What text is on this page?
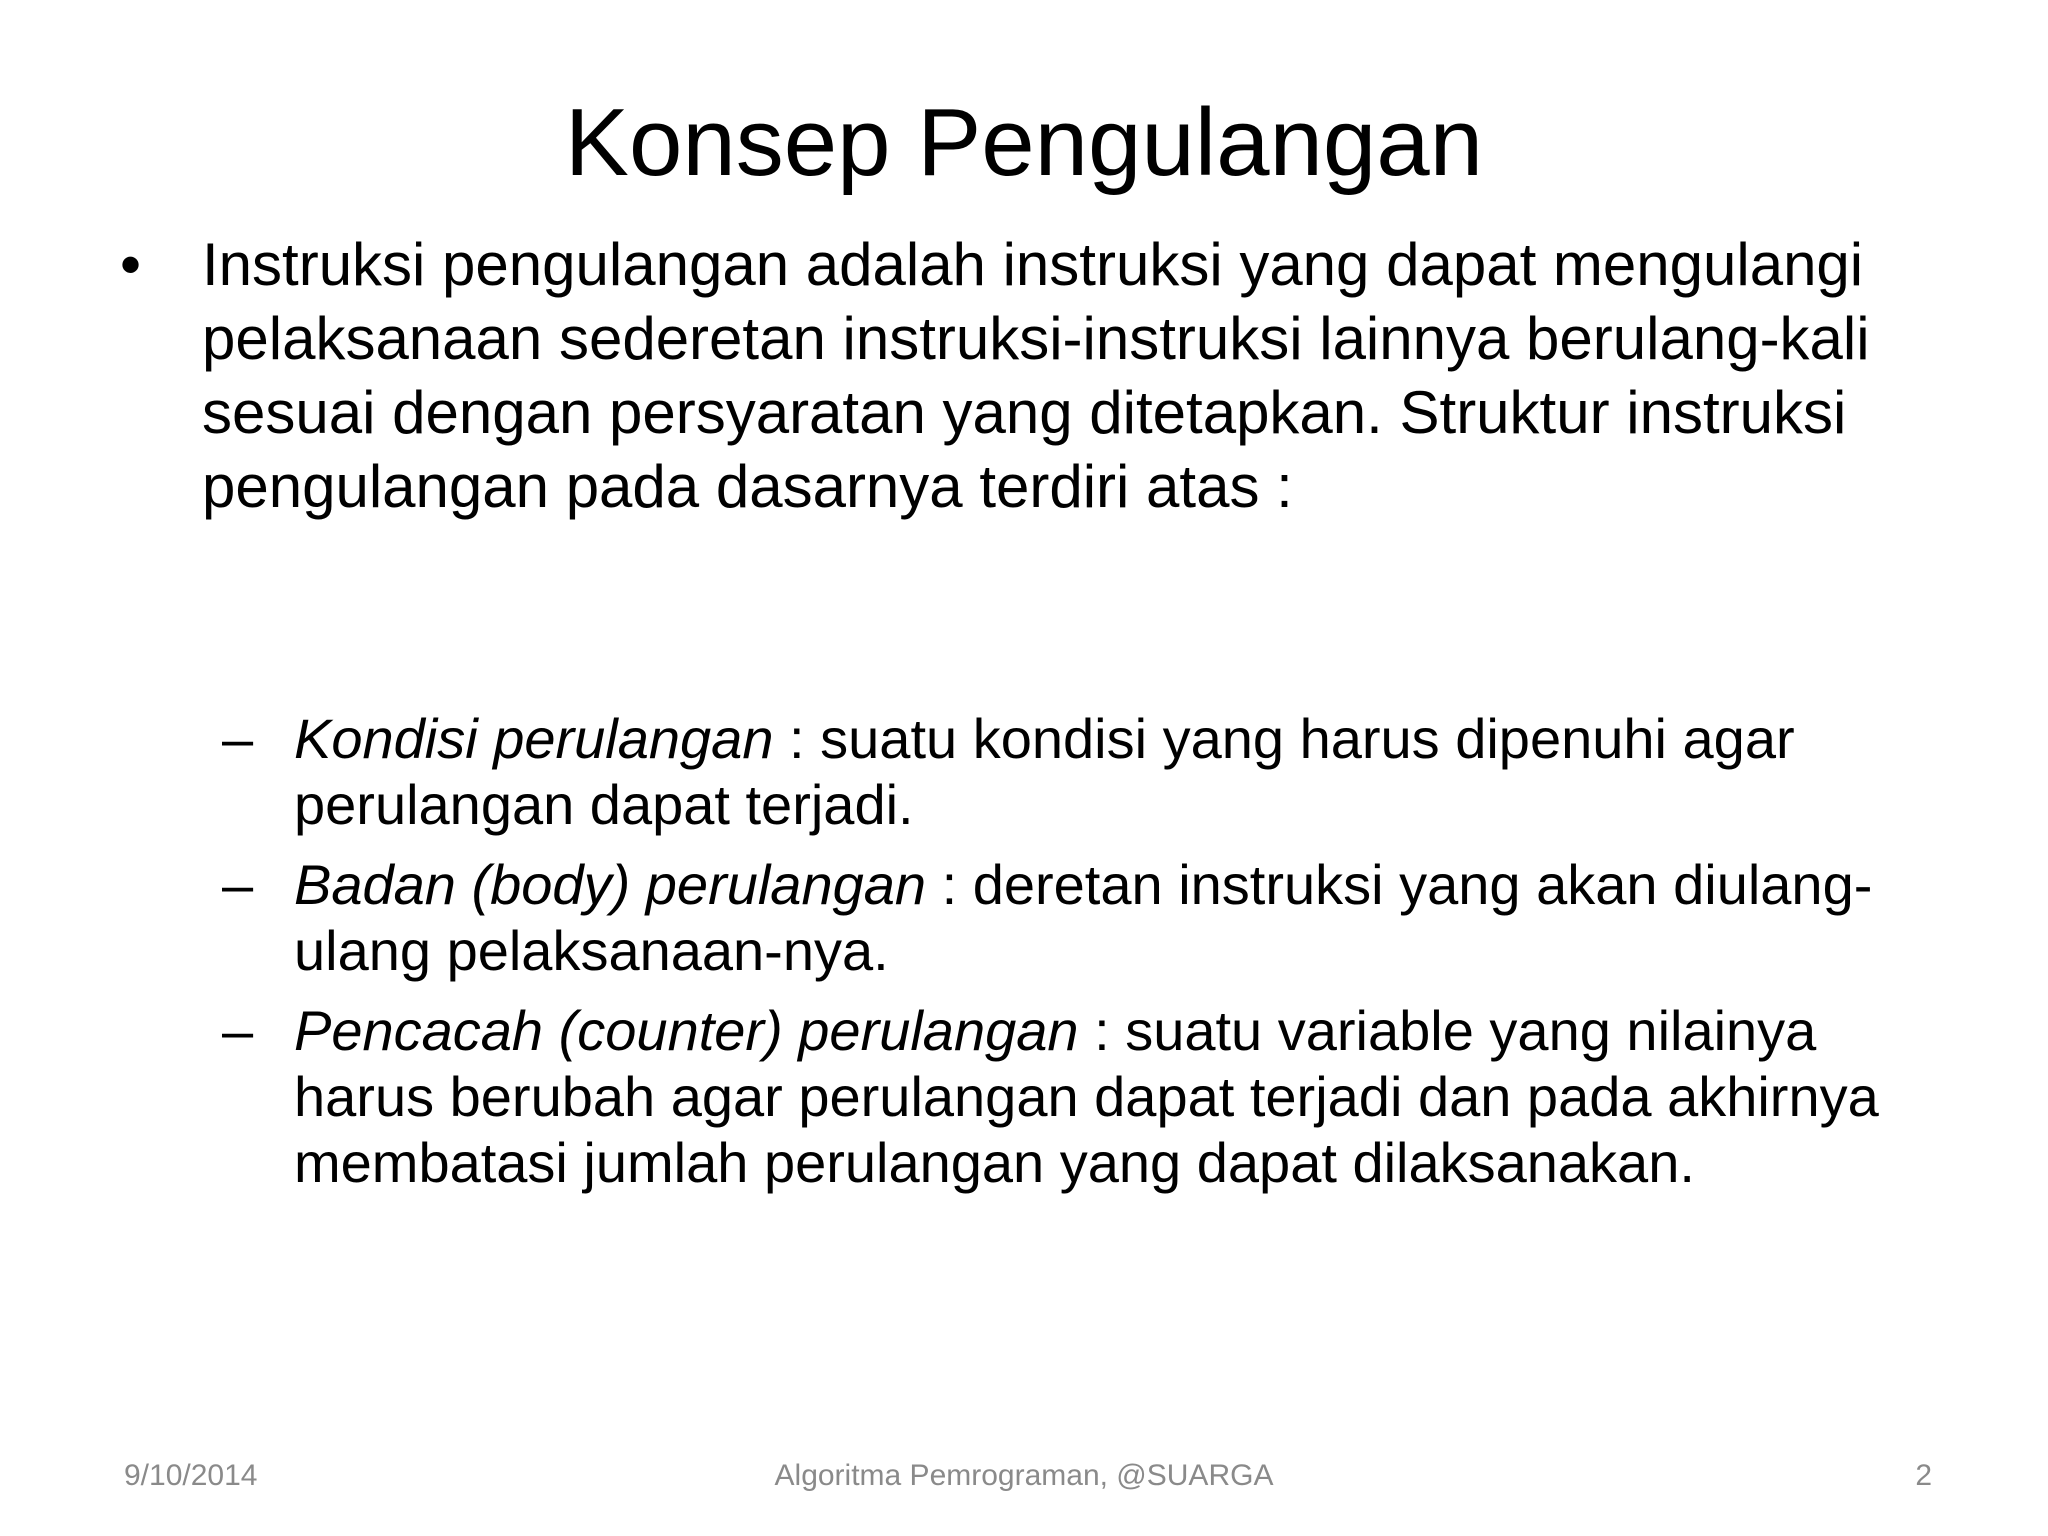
Konsep Pengulangan
•	Instruksi pengulangan adalah instruksi yang dapat mengulangi pelaksanaan sederetan instruksi-instruksi lainnya berulang-kali sesuai dengan persyaratan yang ditetapkan. Struktur instruksi pengulangan pada dasarnya terdiri atas :
– Kondisi perulangan : suatu kondisi yang harus dipenuhi agar perulangan dapat terjadi.
– Badan (body) perulangan : deretan instruksi yang akan diulang-ulang pelaksanaan-nya.
– Pencacah (counter) perulangan : suatu variable yang nilainya harus berubah agar perulangan dapat terjadi dan pada akhirnya membatasi jumlah perulangan yang dapat dilaksanakan.
9/10/2014	Algoritma Pemrograman, @SUARGA	2
